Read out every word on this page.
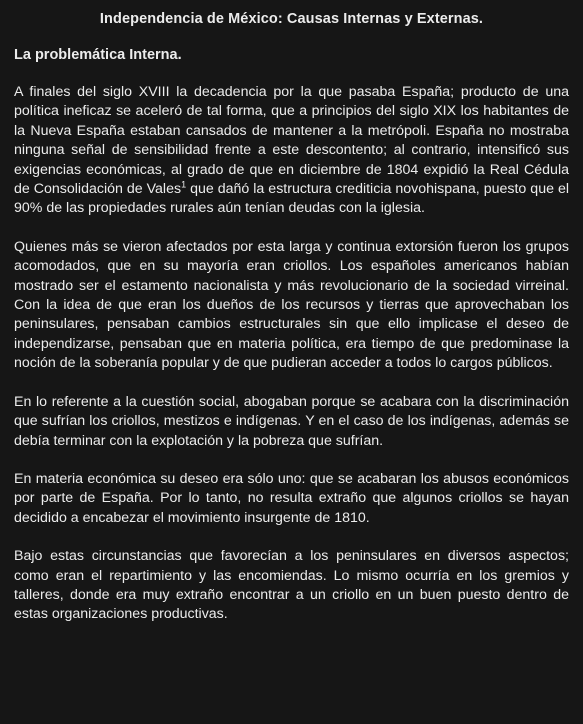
Independencia de México: Causas Internas y Externas.
La problemática Interna.

A finales del siglo XVIII la decadencia por la que pasaba España; producto de una política ineficaz se aceleró de tal forma, que a principios del siglo XIX los habitantes de la Nueva España estaban cansados de mantener a la metrópoli. España no mostraba ninguna señal de sensibilidad frente a este descontento; al contrario, intensificó sus exigencias económicas, al grado de que en diciembre de 1804 expidió la Real Cédula de Consolidación de Vales$^1$ que dañó la estructura crediticia novohispana, puesto que el 90% de las propiedades rurales aún tenían deudas con la iglesia.

Quienes más se vieron afectados por esta larga y continua extorsión fueron los grupos acomodados, que en su mayoría eran criollos. Los españoles americanos habían mostrado ser el estamento nacionalista y más revolucionario de la sociedad virreinal. Con la idea de que eran los dueños de los recursos y tierras que aprovechaban los peninsulares, pensaban cambios estructurales sin que ello implicase el deseo de independizarse, pensaban que en materia política, era tiempo de que predominase la noción de la soberanía popular y de que pudieran acceder a todos lo cargos públicos.

En lo referente a la cuestión social, abogaban porque se acabara con la discriminación que sufrían los criollos, mestizos e indígenas. Y en el caso de los indígenas, además se debía terminar con la explotación y la pobreza que sufrían.

En materia económica su deseo era sólo uno: que se acabaran los abusos económicos por parte de España. Por lo tanto, no resulta extraño que algunos criollos se hayan decidido a encabezar el movimiento insurgente de 1810.

Bajo estas circunstancias que favorecían a los peninsulares en diversos aspectos; como eran el repartimiento y las encomiendas. Lo mismo ocurría en los gremios y talleres, donde era muy extraño encontrar a un criollo en un buen puesto dentro de estas organizaciones productivas.
